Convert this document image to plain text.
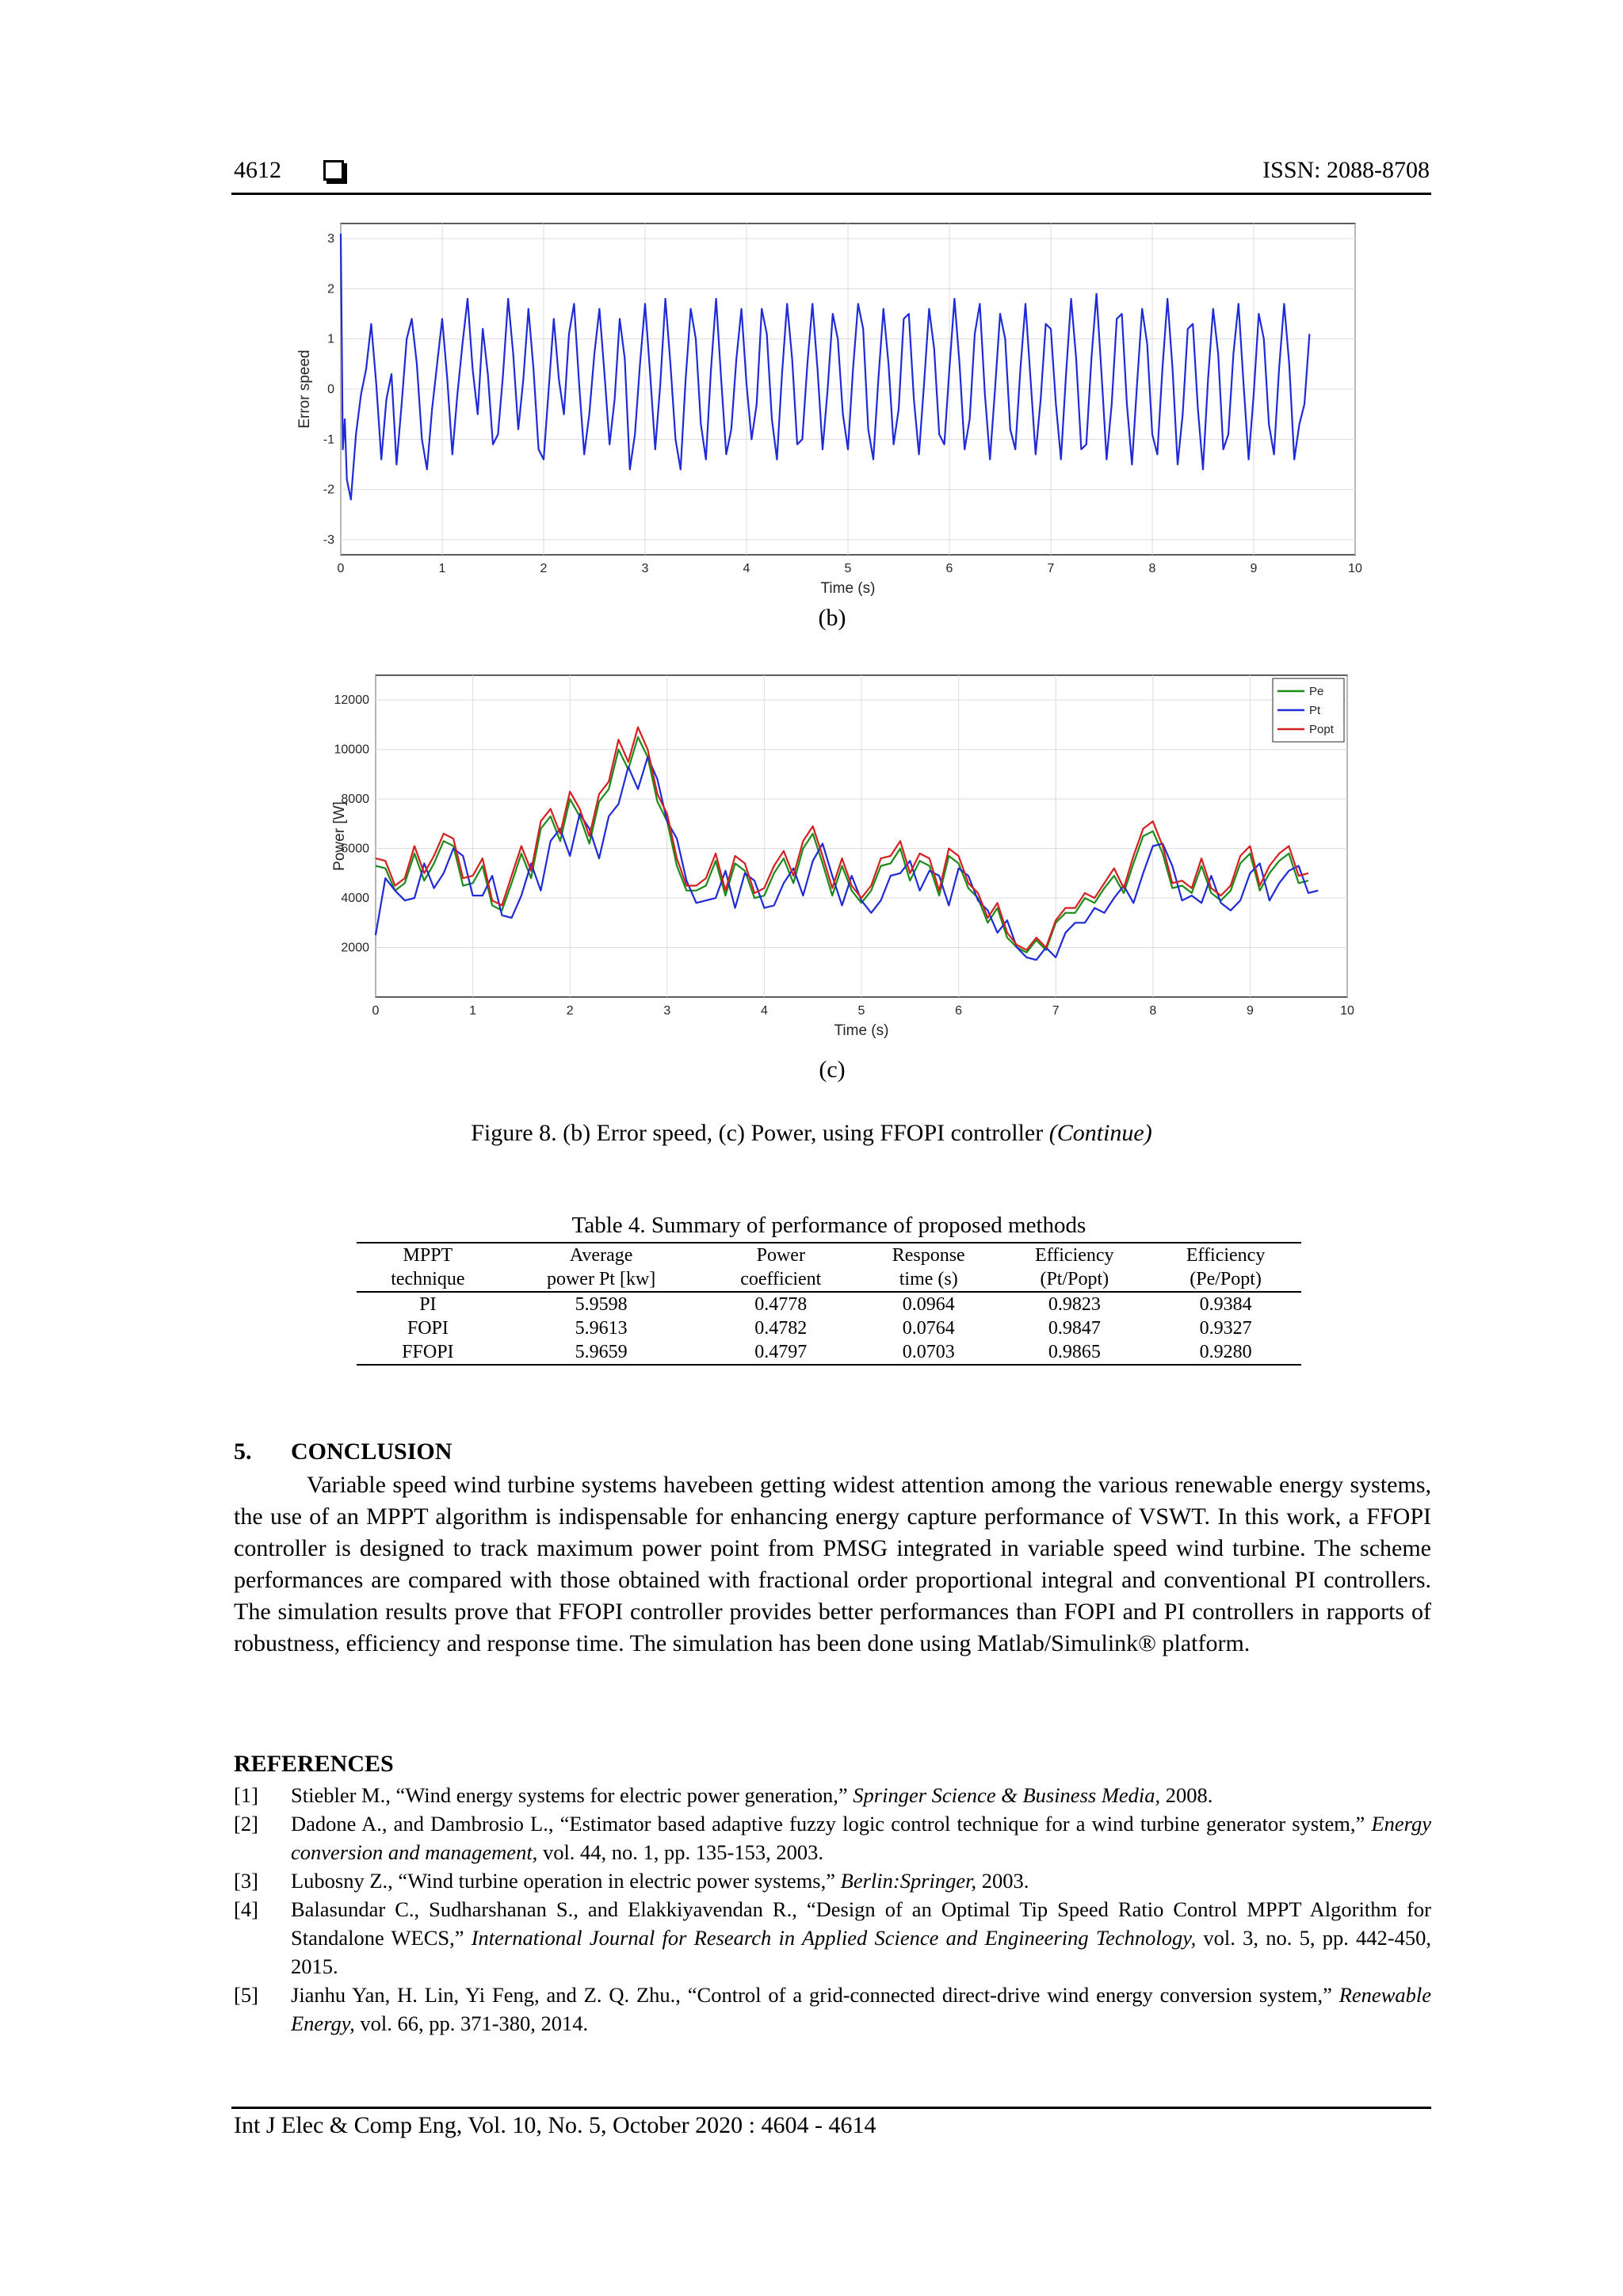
4612	ISSN: 2088-8708
0	1	2	3	4	5	6	7	8	9	10
3
2
1
0
-1
-2
-3
Time (s)
Error speed
(b)
0	1	2	3	4	5	6	7	8	9	10
12000
10000
8000
6000
4000
2000
Time (s)
Power [W]
Pe
Pt
Popt
(c)
Figure 8. (b) Error speed, (c) Power, using FFOPI controller (Continue)
Table 4. Summary of performance of proposed methods
MPPT	Average	Power	Response	Efficiency	Efficiency
technique	power Pt [kw]	coefficient	time (s)	(Pt/Popt)	(Pe/Popt)
PI	5.9598	0.4778	0.0964	0.9823	0.9384
FOPI	5.9613	0.4782	0.0764	0.9847	0.9327
FFOPI	5.9659	0.4797	0.0703	0.9865	0.9280
5. CONCLUSION
Variable speed wind turbine systems havebeen getting widest attention among the various renewable energy systems, the use of an MPPT algorithm is indispensable for enhancing energy capture performance of VSWT. In this work, a FFOPI controller is designed to track maximum power point from PMSG integrated in variable speed wind turbine. The scheme performances are compared with those obtained with fractional order proportional integral and conventional PI controllers. The simulation results prove that FFOPI controller provides better performances than FOPI and PI controllers in rapports of robustness, efficiency and response time. The simulation has been done using Matlab/Simulink® platform.
REFERENCES
[1]	Stiebler M., “Wind energy systems for electric power generation,” Springer Science & Business Media, 2008.
[2]	Dadone A., and Dambrosio L., “Estimator based adaptive fuzzy logic control technique for a wind turbine generator system,” Energy conversion and management, vol. 44, no. 1, pp. 135-153, 2003.
[3]	Lubosny Z., “Wind turbine operation in electric power systems,” Berlin:Springer, 2003.
[4]	Balasundar C., Sudharshanan S., and Elakkiyavendan R., “Design of an Optimal Tip Speed Ratio Control MPPT Algorithm for Standalone WECS,” International Journal for Research in Applied Science and Engineering Technology, vol. 3, no. 5, pp. 442-450, 2015.
[5]	Jianhu Yan, H. Lin, Yi Feng, and Z. Q. Zhu., “Control of a grid-connected direct-drive wind energy conversion system,” Renewable Energy, vol. 66, pp. 371-380, 2014.
Int J Elec & Comp Eng, Vol. 10, No. 5, October 2020 : 4604 - 4614
